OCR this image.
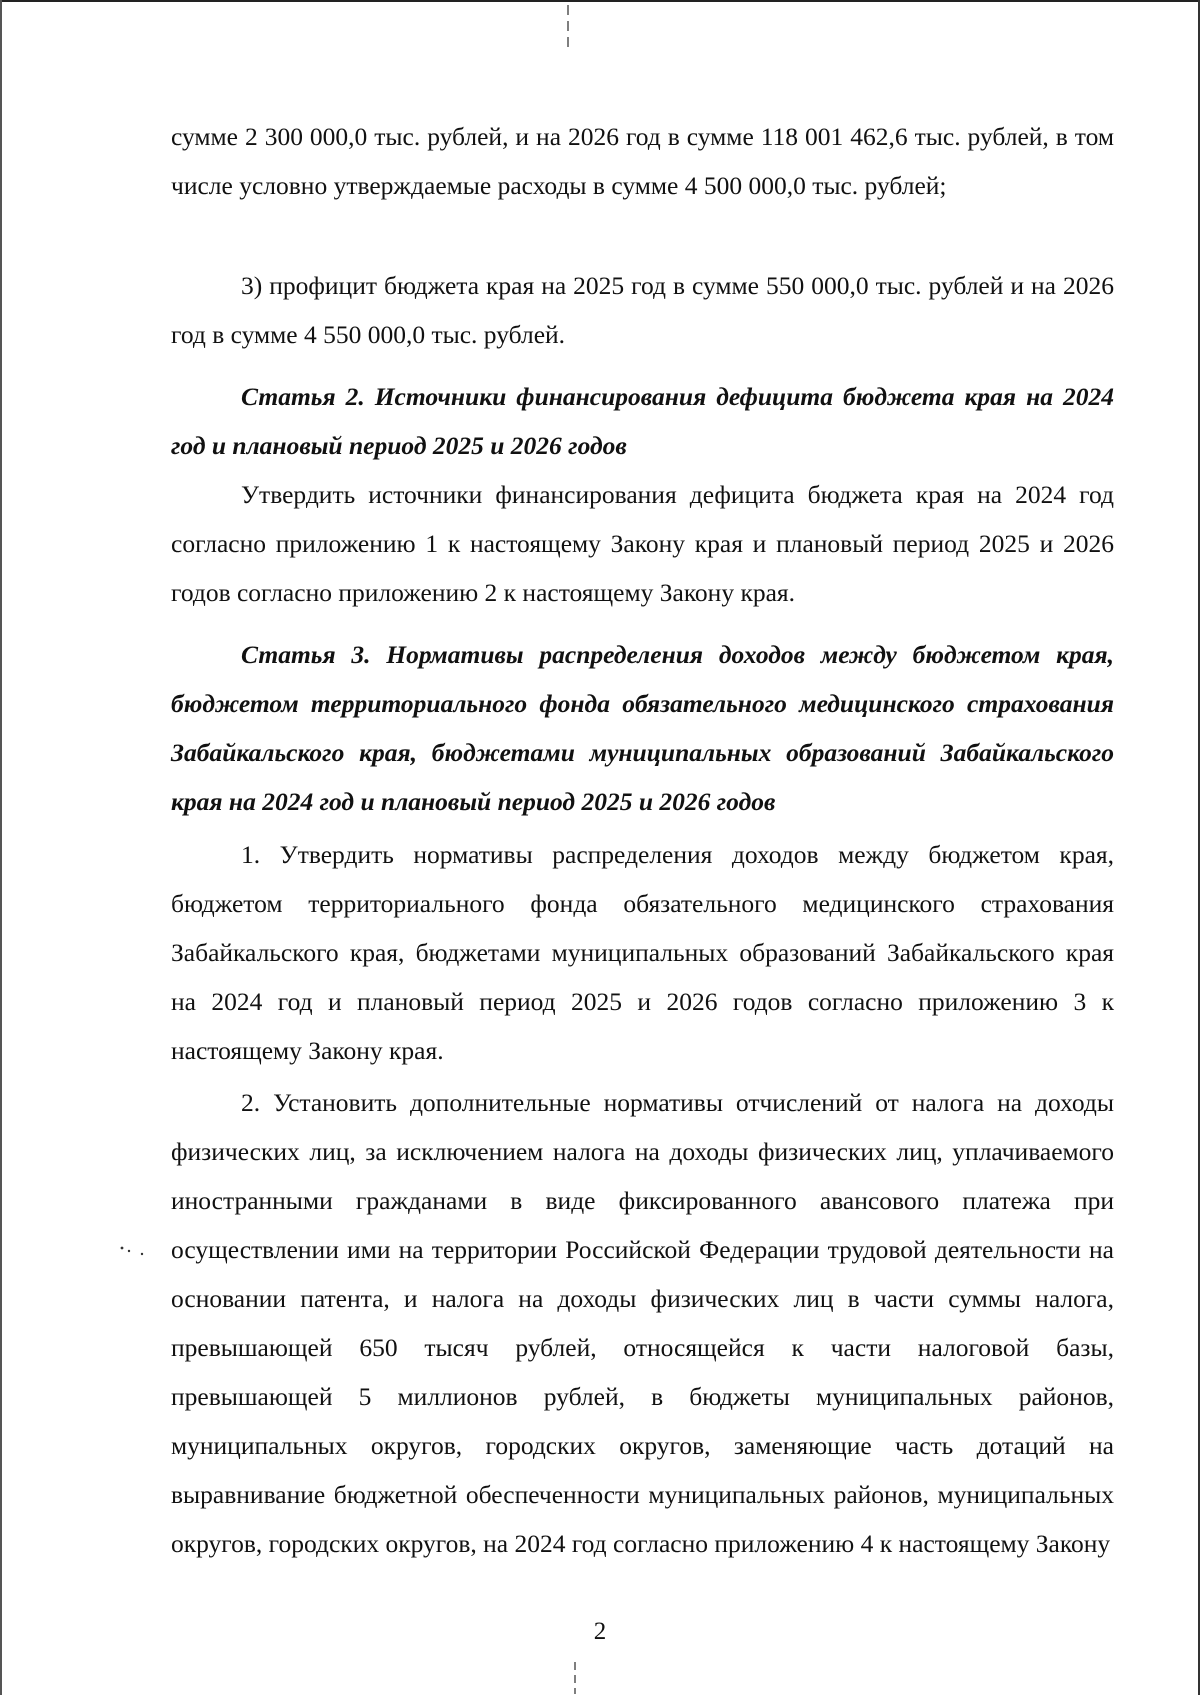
сумме 2 300 000,0 тыс. рублей, и на 2026 год в сумме 118 001 462,6 тыс. рублей, в том числе условно утверждаемые расходы в сумме 4 500 000,0 тыс. рублей;

3) профицит бюджета края на 2025 год в сумме 550 000,0 тыс. рублей и на 2026 год в сумме 4 550 000,0 тыс. рублей.

Статья 2. Источники финансирования дефицита бюджета края на 2024 год и плановый период 2025 и 2026 годов

Утвердить источники финансирования дефицита бюджета края на 2024 год согласно приложению 1 к настоящему Закону края и плановый период 2025 и 2026 годов согласно приложению 2 к настоящему Закону края.

Статья 3. Нормативы распределения доходов между бюджетом края, бюджетом территориального фонда обязательного медицинского страхования Забайкальского края, бюджетами муниципальных образований Забайкальского края на 2024 год и плановый период 2025 и 2026 годов

1. Утвердить нормативы распределения доходов между бюджетом края, бюджетом территориального фонда обязательного медицинского страхования Забайкальского края, бюджетами муниципальных образований Забайкальского края на 2024 год и плановый период 2025 и 2026 годов согласно приложению 3 к настоящему Закону края.

2. Установить дополнительные нормативы отчислений от налога на доходы физических лиц, за исключением налога на доходы физических лиц, уплачиваемого иностранными гражданами в виде фиксированного авансового платежа при осуществлении ими на территории Российской Федерации трудовой деятельности на основании патента, и налога на доходы физических лиц в части суммы налога, превышающей 650 тысяч рублей, относящейся к части налоговой базы, превышающей 5 миллионов рублей, в бюджеты муниципальных районов, муниципальных округов, городских округов, заменяющие часть дотаций на выравнивание бюджетной обеспеченности муниципальных районов, муниципальных округов, городских округов, на 2024 год согласно приложению 4 к настоящему Закону

2
